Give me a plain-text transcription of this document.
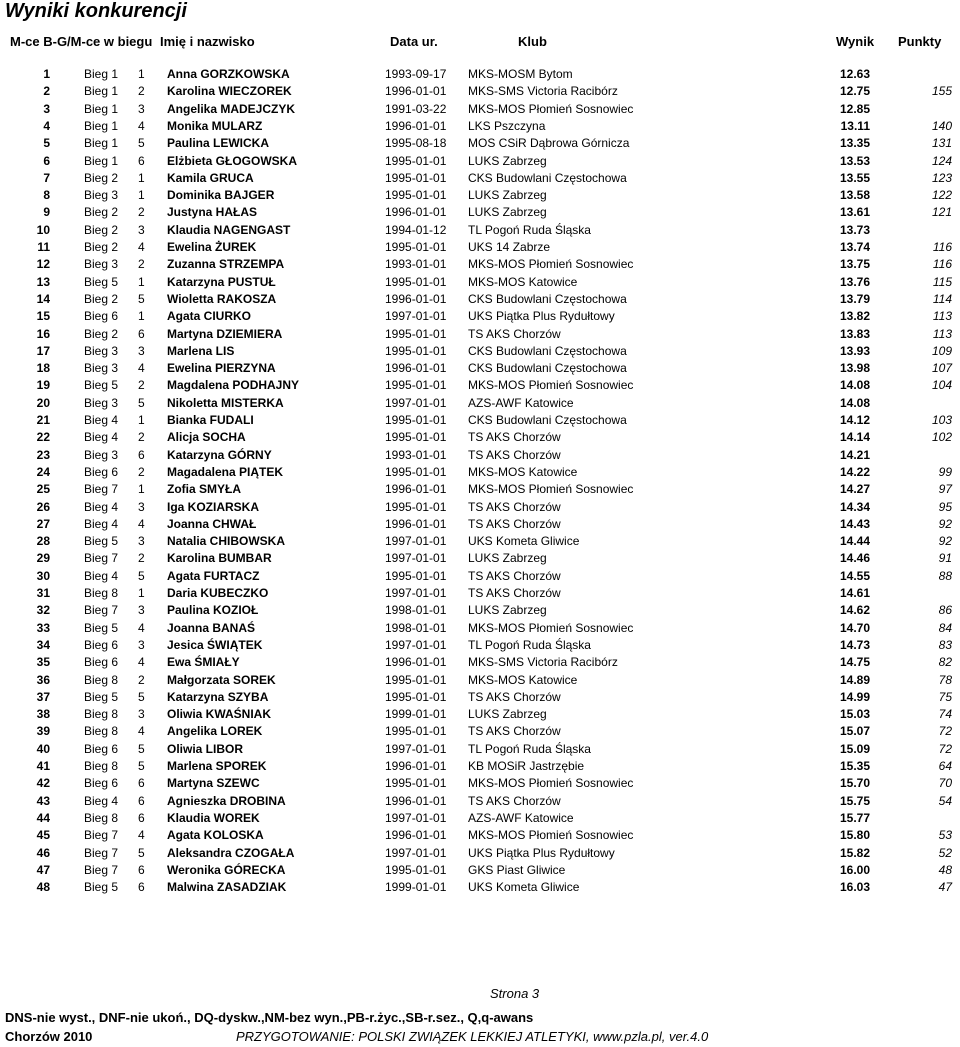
Wyniki konkurencji
M-ce B-G/M-ce w biegu Imię i nazwisko	Data ur.	Klub	Wynik Punkty
1	Bieg 1 1 Anna GORZKOWSKA	1993-09-17 MKS-MOSM Bytom	12.63
2	Bieg 1 2 Karolina WIECZOREK	1996-01-01 MKS-SMS Victoria Racibórz	12.75	155
3	Bieg 1 3 Angelika MADEJCZYK	1991-03-22 MKS-MOS Płomień Sosnowiec	12.85
4	Bieg 1 4 Monika MULARZ	1996-01-01 LKS Pszczyna	13.11	140
5	Bieg 1 5 Paulina LEWICKA	1995-08-18 MOS CSiR Dąbrowa Górnicza	13.35	131
6	Bieg 1 6 Elżbieta GŁOGOWSKA	1995-01-01 LUKS Zabrzeg	13.53	124
7	Bieg 2 1 Kamila GRUCA	1995-01-01 CKS Budowlani Częstochowa	13.55	123
8	Bieg 3 1 Dominika BAJGER	1995-01-01 LUKS Zabrzeg	13.58	122
9	Bieg 2 2 Justyna HAŁAS	1996-01-01 LUKS Zabrzeg	13.61	121
10	Bieg 2 3 Klaudia NAGENGAST	1994-01-12 TL Pogoń Ruda Śląska	13.73
11	Bieg 2 4 Ewelina ŻUREK	1995-01-01 UKS 14 Zabrze	13.74	116
12	Bieg 3 2 Zuzanna STRZEMPA	1993-01-01 MKS-MOS Płomień Sosnowiec	13.75	116
13	Bieg 5 1 Katarzyna PUSTUŁ	1995-01-01 MKS-MOS Katowice	13.76	115
14	Bieg 2 5 Wioletta RAKOSZA	1996-01-01 CKS Budowlani Częstochowa	13.79	114
15	Bieg 6 1 Agata CIURKO	1997-01-01 UKS Piątka Plus Rydułtowy	13.82	113
16	Bieg 2 6 Martyna DZIEMIERA	1995-01-01 TS AKS Chorzów	13.83	113
17	Bieg 3 3 Marlena LIS	1995-01-01 CKS Budowlani Częstochowa	13.93	109
18	Bieg 3 4 Ewelina PIERZYNA	1996-01-01 CKS Budowlani Częstochowa	13.98	107
19	Bieg 5 2 Magdalena PODHAJNY	1995-01-01 MKS-MOS Płomień Sosnowiec	14.08	104
20	Bieg 3 5 Nikoletta MISTERKA	1997-01-01 AZS-AWF Katowice	14.08
21	Bieg 4 1 Bianka FUDALI	1995-01-01 CKS Budowlani Częstochowa	14.12	103
22	Bieg 4 2 Alicja SOCHA	1995-01-01 TS AKS Chorzów	14.14	102
23	Bieg 3 6 Katarzyna GÓRNY	1993-01-01 TS AKS Chorzów	14.21
24	Bieg 6 2 Magadalena PIĄTEK	1995-01-01 MKS-MOS Katowice	14.22	99
25	Bieg 7 1 Zofia SMYŁA	1996-01-01 MKS-MOS Płomień Sosnowiec	14.27	97
26	Bieg 4 3 Iga KOZIARSKA	1995-01-01 TS AKS Chorzów	14.34	95
27	Bieg 4 4 Joanna CHWAŁ	1996-01-01 TS AKS Chorzów	14.43	92
28	Bieg 5 3 Natalia CHIBOWSKA	1997-01-01 UKS Kometa Gliwice	14.44	92
29	Bieg 7 2 Karolina BUMBAR	1997-01-01 LUKS Zabrzeg	14.46	91
30	Bieg 4 5 Agata FURTACZ	1995-01-01 TS AKS Chorzów	14.55	88
31	Bieg 8 1 Daria KUBECZKO	1997-01-01 TS AKS Chorzów	14.61
32	Bieg 7 3 Paulina KOZIOŁ	1998-01-01 LUKS Zabrzeg	14.62	86
33	Bieg 5 4 Joanna BANAŚ	1998-01-01 MKS-MOS Płomień Sosnowiec	14.70	84
34	Bieg 6 3 Jesica ŚWIĄTEK	1997-01-01 TL Pogoń Ruda Śląska	14.73	83
35	Bieg 6 4 Ewa ŚMIAŁY	1996-01-01 MKS-SMS Victoria Racibórz	14.75	82
36	Bieg 8 2 Małgorzata SOREK	1995-01-01 MKS-MOS Katowice	14.89	78
37	Bieg 5 5 Katarzyna SZYBA	1995-01-01 TS AKS Chorzów	14.99	75
38	Bieg 8 3 Oliwia KWAŚNIAK	1999-01-01 LUKS Zabrzeg	15.03	74
39	Bieg 8 4 Angelika LOREK	1995-01-01 TS AKS Chorzów	15.07	72
40	Bieg 6 5 Oliwia LIBOR	1997-01-01 TL Pogoń Ruda Śląska	15.09	72
41	Bieg 8 5 Marlena SPOREK	1996-01-01 KB MOSiR Jastrzębie	15.35	64
42	Bieg 6 6 Martyna SZEWC	1995-01-01 MKS-MOS Płomień Sosnowiec	15.70	70
43	Bieg 4 6 Agnieszka DROBINA	1996-01-01 TS AKS Chorzów	15.75	54
44	Bieg 8 6 Klaudia WOREK	1997-01-01 AZS-AWF Katowice	15.77
45	Bieg 7 4 Agata KOLOSKA	1996-01-01 MKS-MOS Płomień Sosnowiec	15.80	53
46	Bieg 7 5 Aleksandra CZOGAŁA	1997-01-01 UKS Piątka Plus Rydułtowy	15.82	52
47	Bieg 7 6 Weronika GÓRECKA	1995-01-01 GKS Piast Gliwice	16.00	48
48	Bieg 5 6 Malwina ZASADZIAK	1999-01-01 UKS Kometa Gliwice	16.03	47
Strona 3
DNS-nie wyst., DNF-nie ukoń., DQ-dyskw.,NM-bez wyn.,PB-r.życ.,SB-r.sez., Q,q-awans
Chorzów 2010	PRZYGOTOWANIE: POLSKI ZWIĄZEK LEKKIEJ ATLETYKI, www.pzla.pl, ver.4.0
